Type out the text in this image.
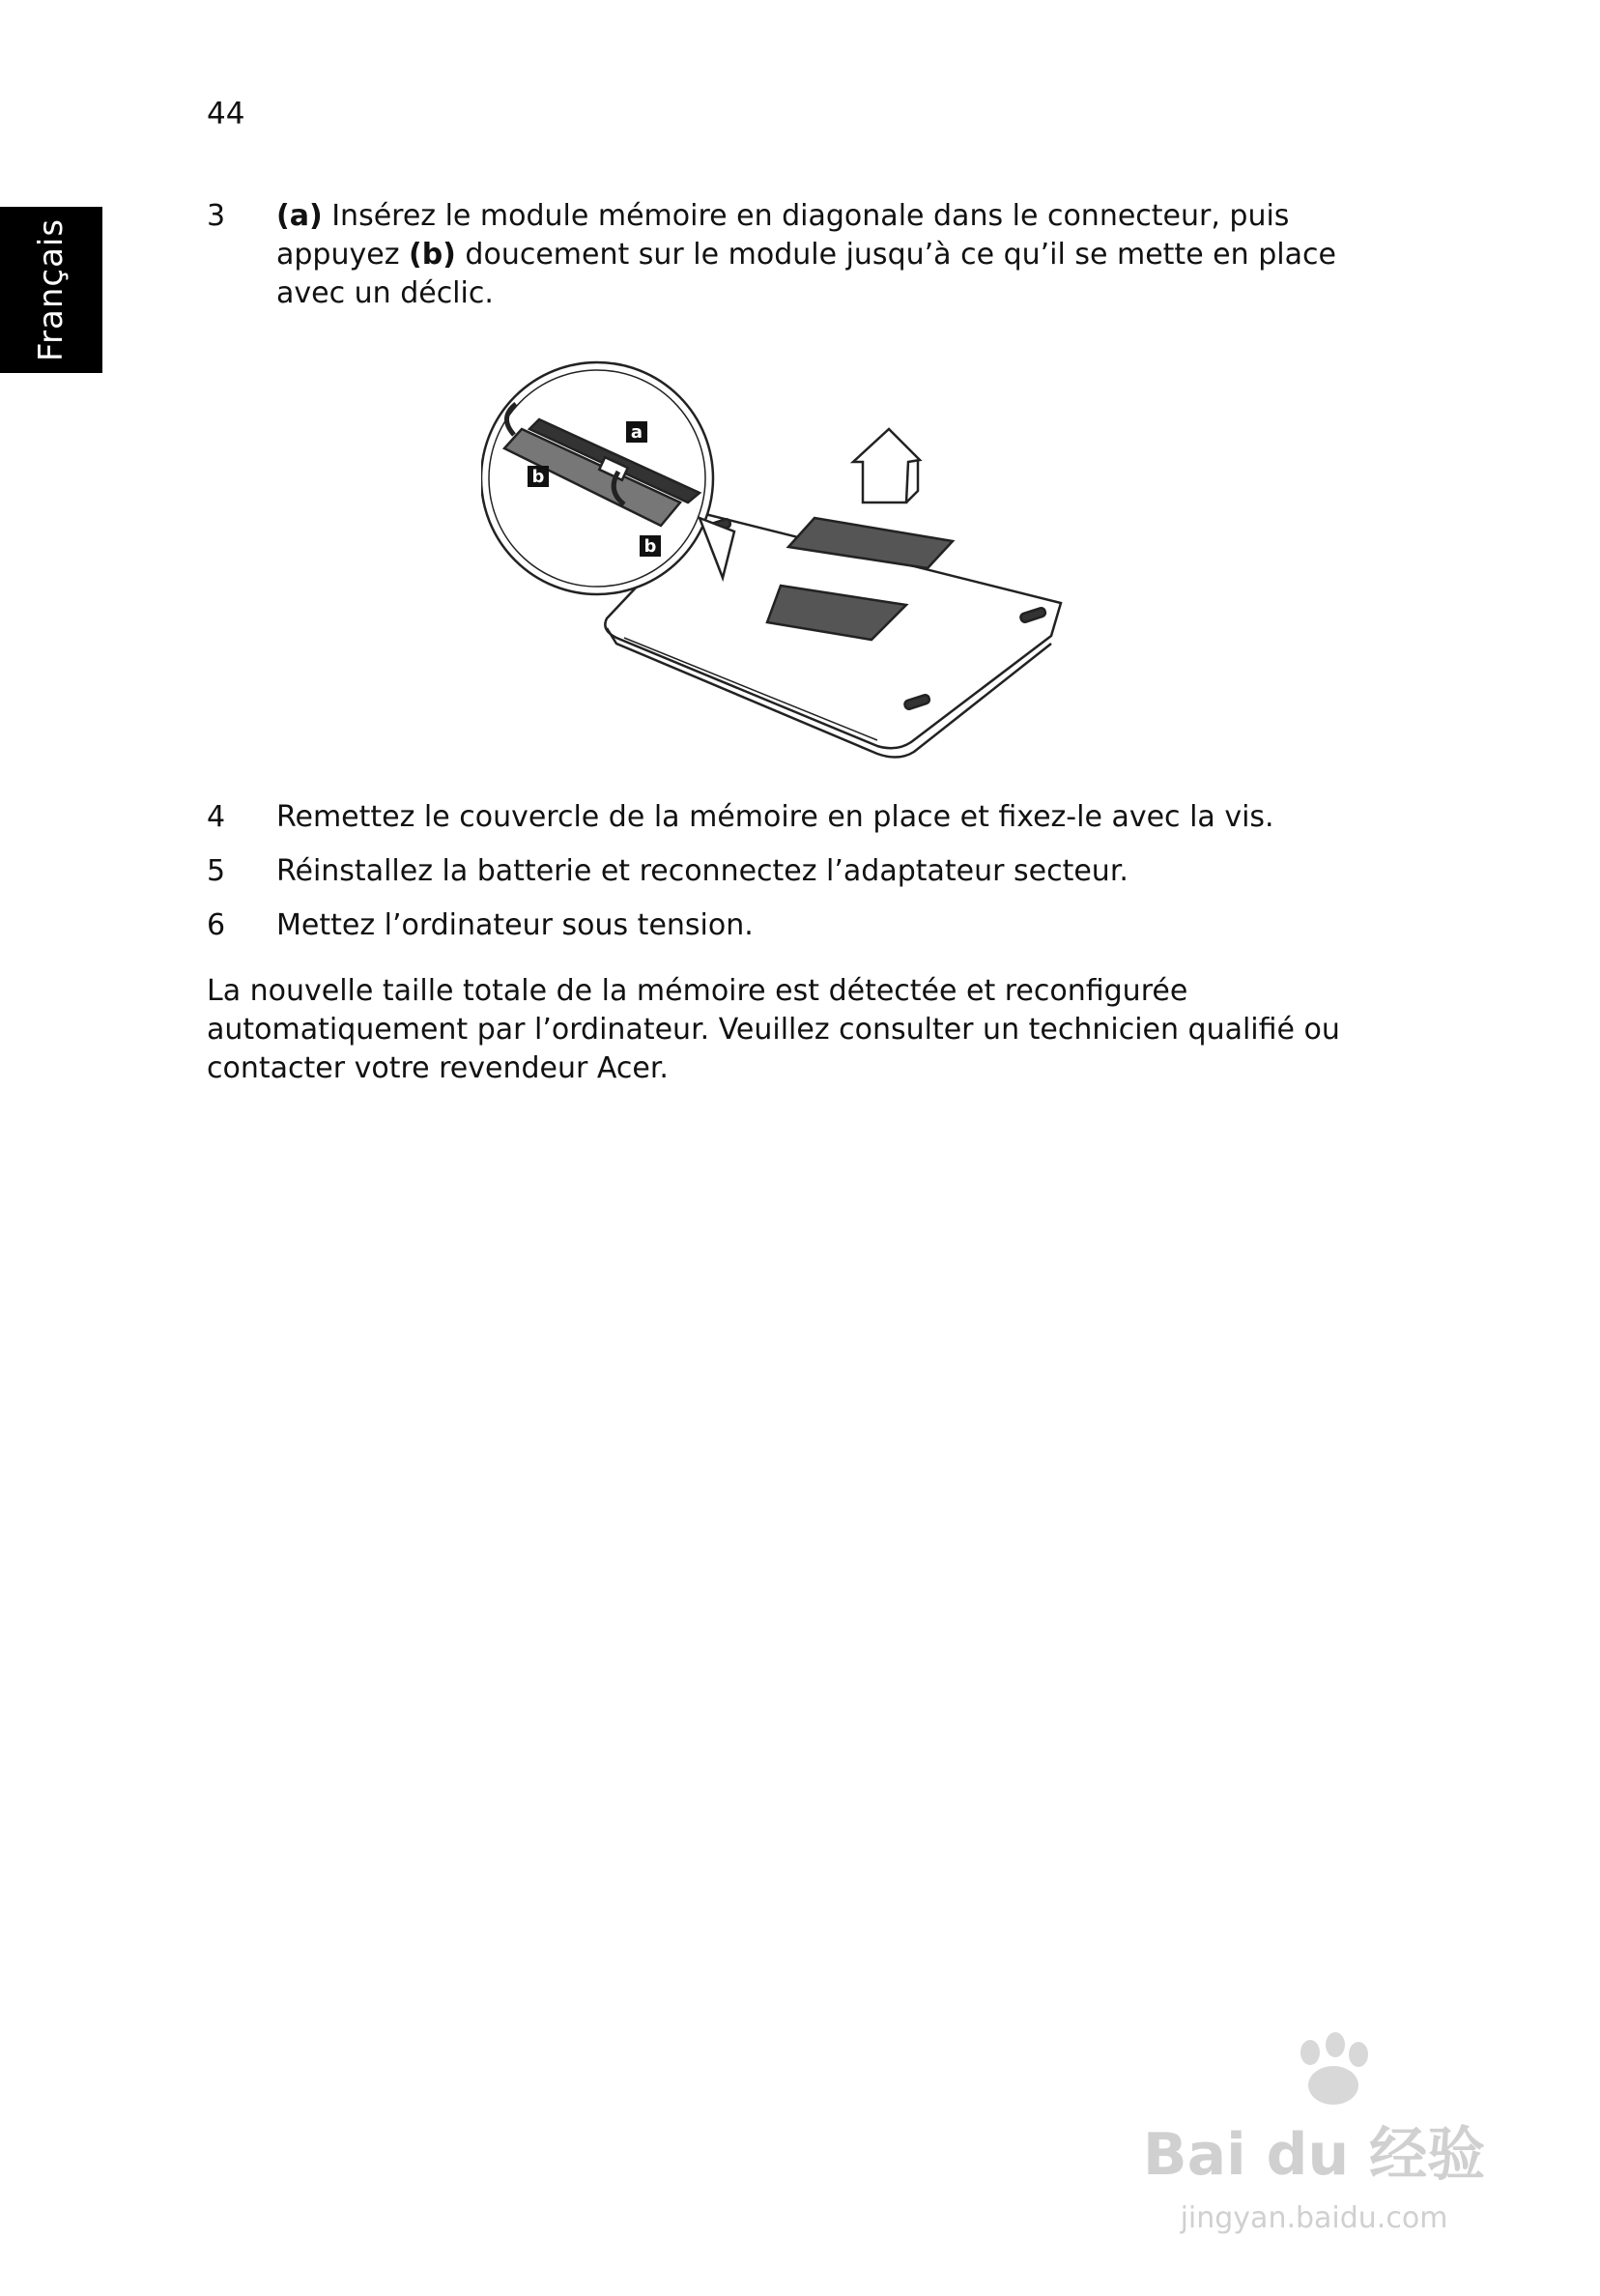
44
Français
3 (a) Insérez le module mémoire en diagonale dans le connecteur, puis appuyez (b) doucement sur le module jusqu’à ce qu’il se mette en place avec un déclic.
a
b
b
4 Remettez le couvercle de la mémoire en place et fixez-le avec la vis.
5 Réinstallez la batterie et reconnectez l’adaptateur secteur.
6 Mettez l’ordinateur sous tension.

La nouvelle taille totale de la mémoire est détectée et reconfigurée automatiquement par l’ordinateur. Veuillez consulter un technicien qualifié ou contacter votre revendeur Acer.

Bai du 经验
jingyan.baidu.com
